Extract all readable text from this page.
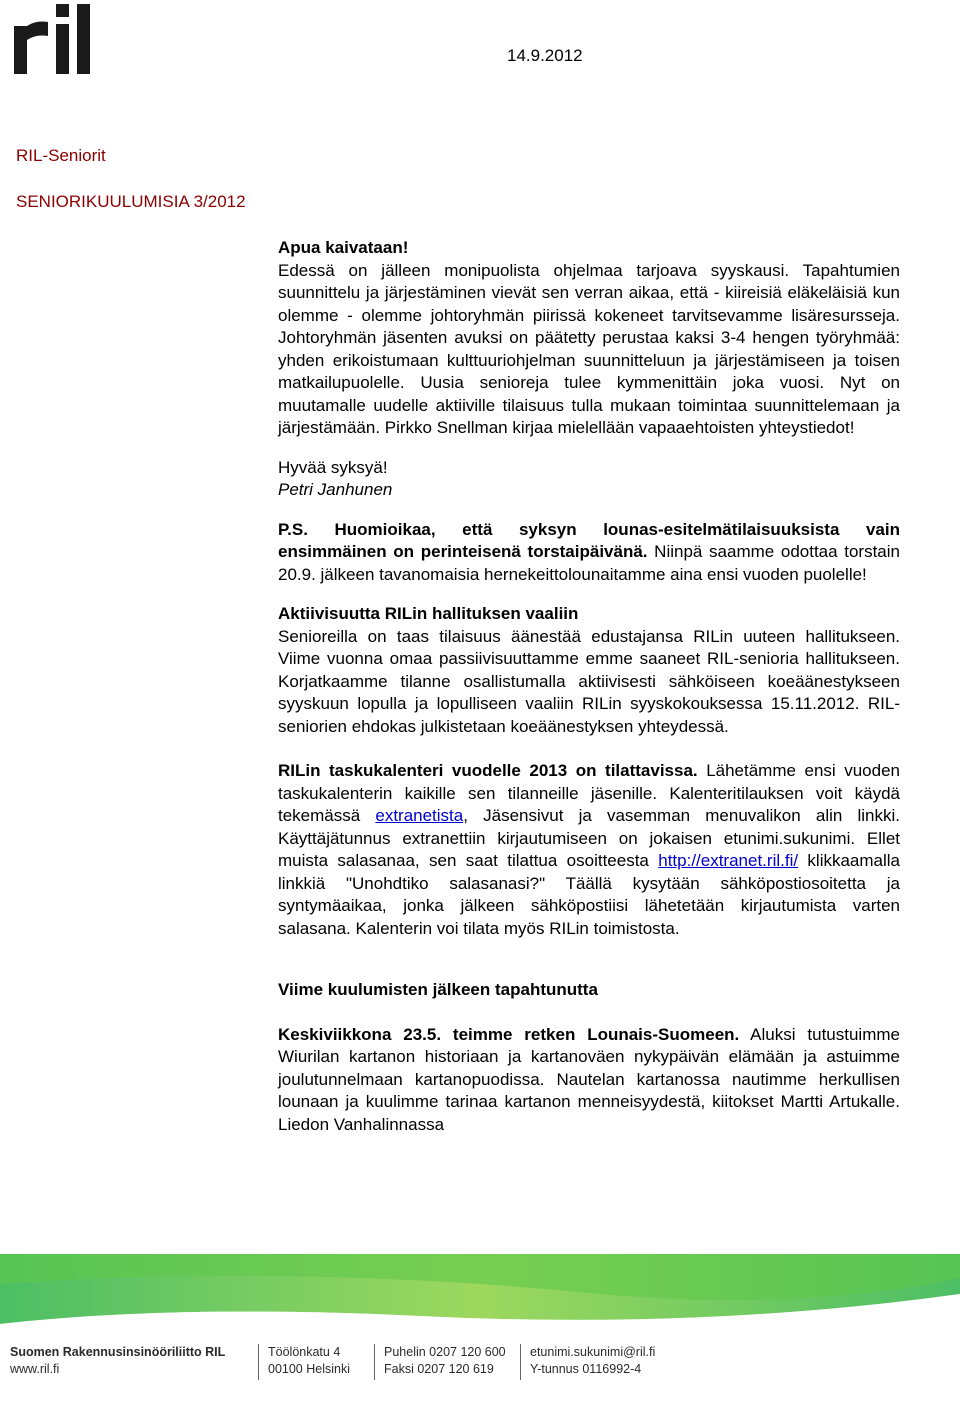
14.9.2012
RIL-Seniorit
SENIORIKUULUMISIA 3/2012

Apua kaivataan!
Edessä on jälleen monipuolista ohjelmaa tarjoava syyskausi. Tapahtumien suunnittelu ja järjestäminen vievät sen verran aikaa, että - kiireisiä eläkeläisiä kun olemme - olemme johtoryhmän piirissä kokeneet tarvitsevamme lisäresursseja. Johtoryhmän jäsenten avuksi on päätetty perustaa kaksi 3-4 hengen työryhmää: yhden erikoistumaan kulttuuriohjelman suunnitteluun ja järjestämiseen ja toisen matkailupuolelle. Uusia senioreja tulee kymmenittäin joka vuosi. Nyt on muutamalle uudelle aktiiville tilaisuus tulla mukaan toimintaa suunnittelemaan ja järjestämään. Pirkko Snellman kirjaa mielellään vapaaehtoisten yhteystiedot!

Hyvää syksyä!
Petri Janhunen

P.S. Huomioikaa, että syksyn lounas-esitelmätilaisuuksista vain ensimmäinen on perinteisenä torstaipäivänä. Niinpä saamme odottaa torstain 20.9. jälkeen tavanomaisia hernekeittolounaitamme aina ensi vuoden puolelle!

Aktiivisuutta RILin hallituksen vaaliin
Senioreilla on taas tilaisuus äänestää edustajansa RILin uuteen hallitukseen. Viime vuonna omaa passiivisuuttamme emme saaneet RIL-senioria hallitukseen. Korjatkaamme tilanne osallistumalla aktiivisesti sähköiseen koeäänestykseen syyskuun lopulla ja lopulliseen vaaliin RILin syyskokouksessa 15.11.2012. RIL-seniorien ehdokas julkistetaan koeäänestyksen yhteydessä.

RILin taskukalenteri vuodelle 2013 on tilattavissa. Lähetämme ensi vuoden taskukalenterin kaikille sen tilanneille jäsenille. Kalenteritilauksen voit käydä tekemässä extranetista, Jäsensivut ja vasemman menuvalikon alin linkki. Käyttäjätunnus extranettiin kirjautumiseen on jokaisen etunimi.sukunimi. Ellet muista salasanaa, sen saat tilattua osoitteesta http://extranet.ril.fi/ klikkaamalla linkkiä "Unohdtiko salasanasi?" Täällä kysytään sähköpostiosoitetta ja syntymäaikaa, jonka jälkeen sähköpostiisi lähetetään kirjautumista varten salasana. Kalenterin voi tilata myös RILin toimistosta.

Viime kuulumisten jälkeen tapahtunutta

Keskiviikkona 23.5. teimme retken Lounais-Suomeen. Aluksi tutustuimme Wiurilan kartanon historiaan ja kartanoväen nykypäivän elämään ja astuimme joulutunnelmaan kartanopuodissa. Nautelan kartanossa nautimme herkullisen lounaan ja kuulimme tarinaa kartanon menneisyydestä, kiitokset Martti Artukalle. Liedon Vanhalinnassa

Suomen Rakennusinsinööriliitto RIL
www.ril.fi
Töölönkatu 4
00100 Helsinki
Puhelin 0207 120 600
Faksi 0207 120 619
etunimi.sukunimi@ril.fi
Y-tunnus 0116992-4
